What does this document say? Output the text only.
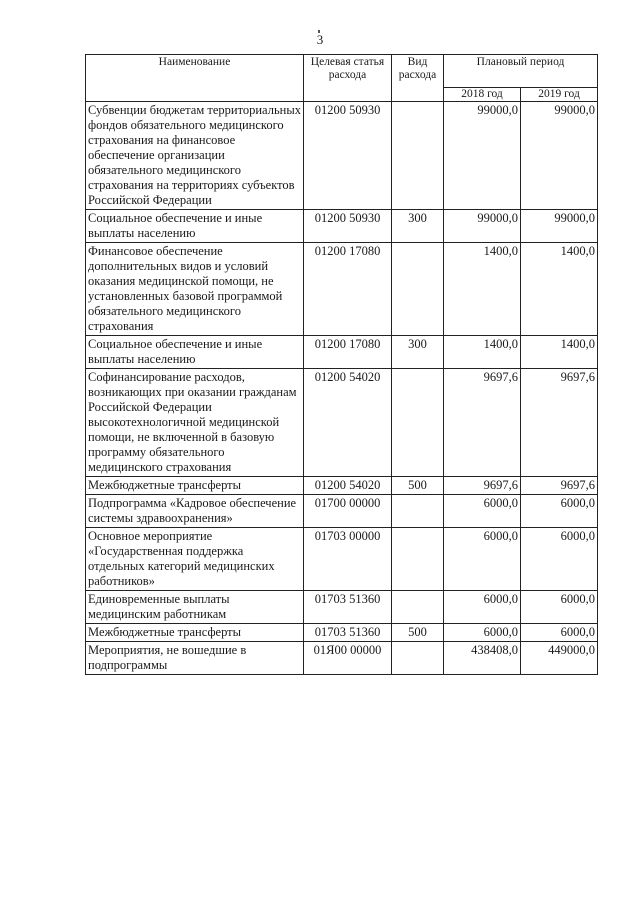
3
Наименование	Целевая статья расхода	Вид расхода	Плановый период	
			2018 год	2019 год
Субвенции бюджетам территориальных фондов обязательного медицинского страхования на финансовое обеспечение организации обязательного медицинского страхования на территориях субъектов Российской Федерации	01200 50930		99000,0	99000,0
Социальное обеспечение и иные выплаты населению	01200 50930	300	99000,0	99000,0
Финансовое обеспечение дополнительных видов и условий оказания медицинской помощи, не установленных базовой программой обязательного медицинского страхования	01200 17080		1400,0	1400,0
Социальное обеспечение и иные выплаты населению	01200 17080	300	1400,0	1400,0
Софинансирование расходов, возникающих при оказании гражданам Российской Федерации высокотехнологичной медицинской помощи, не включенной в базовую программу обязательного медицинского страхования	01200 54020		9697,6	9697,6
Межбюджетные трансферты	01200 54020	500	9697,6	9697,6
Подпрограмма «Кадровое обеспечение системы здравоохранения»	01700 00000		6000,0	6000,0
Основное мероприятие «Государственная поддержка отдельных категорий медицинских работников»	01703 00000		6000,0	6000,0
Единовременные выплаты медицинским работникам	01703 51360		6000,0	6000,0
Межбюджетные трансферты	01703 51360	500	6000,0	6000,0
Мероприятия, не вошедшие в подпрограммы	01Я00 00000		438408,0	449000,0
